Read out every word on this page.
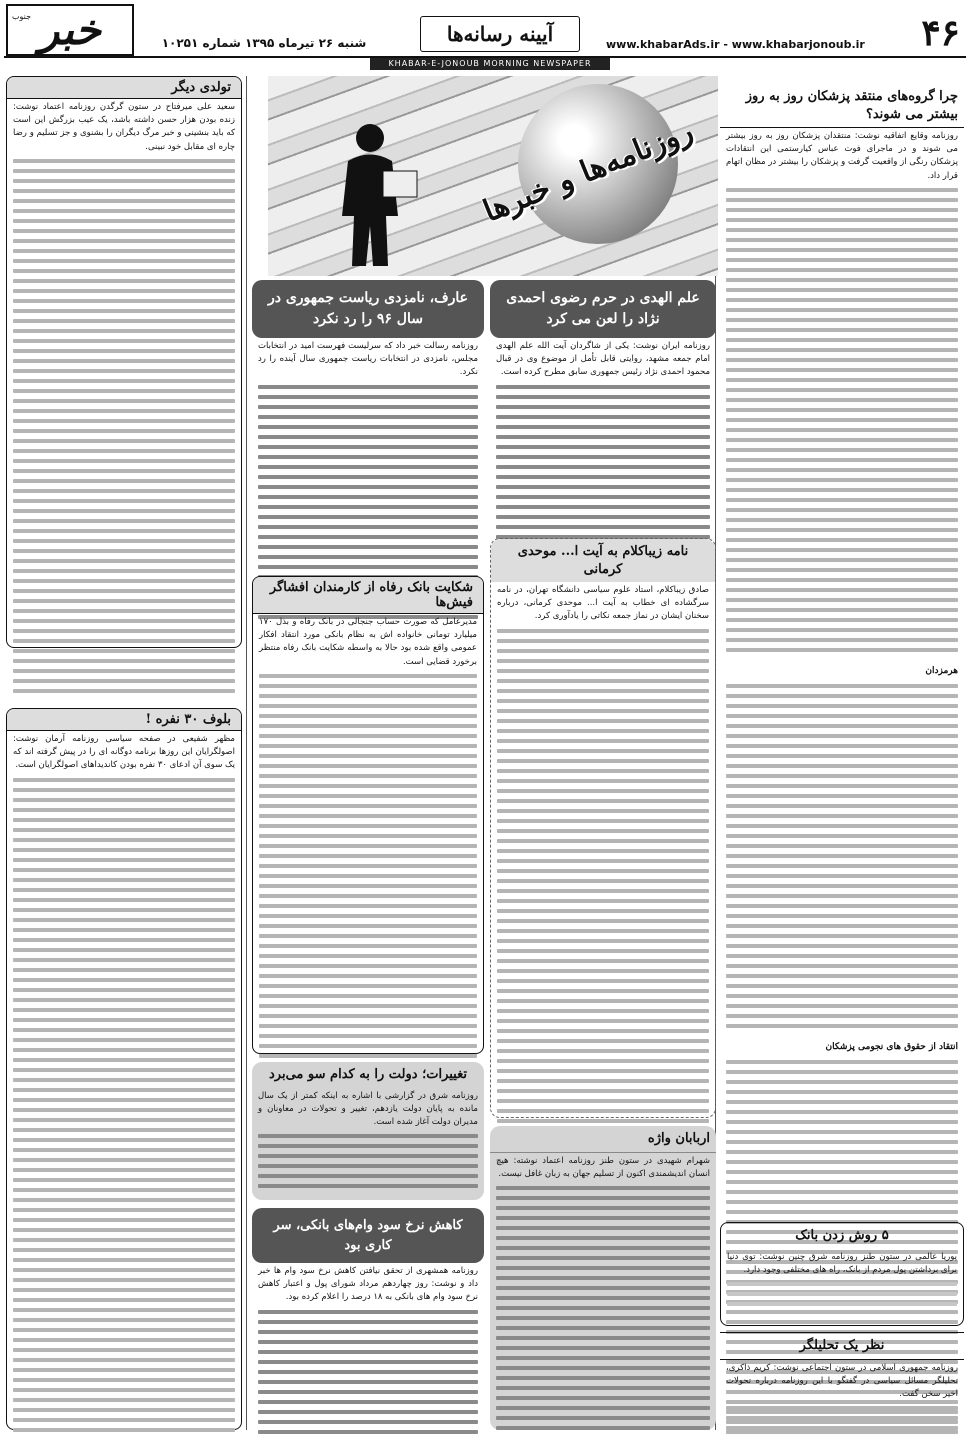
خبر
جنوب
شنبه ۲۶ تیرماه ۱۳۹۵ شماره ۱۰۲۵۱	آیینه رسانه‌ها	www.khabarAds.ir - www.khabarjonoub.ir	۴۶
KHABAR-E-JONOUB MORNING NEWSPAPER
چرا گروه‌های منتقد پزشکان روز به روز بیشتر می شوند؟
روزنامه وقایع اتفاقیه نوشت: منتقدان پزشکان روز به روز بیشتر می شوند و در ماجرای فوت عباس کیارستمی این انتقادات پزشکان رنگی از واقعیت گرفت و پزشکان را بیشتر در مظان اتهام قرار داد.
هرمزدان
انتقاد از حقوق های نجومی پزشکان
۵ روش زدن بانک
پوریا عالمی در ستون طنز روزنامه شرق چنین نوشت: توی دنیا برای برداشتن پول مردم از بانک، راه های مختلفی وجود دارد.
نظر یک تحلیلگر
روزنامه جمهوری اسلامی در ستون اجتماعی نوشت: کریم ذاکری، تحلیلگر مسائل سیاسی در گفتگو با این روزنامه درباره تحولات اخیر سخن گفت.
روزنامه‌ها و خبرها
علم الهدی در حرم رضوی احمدی نژاد را لعن می کرد
روزنامه ایران نوشت: یکی از شاگردان آیت الله علم الهدی امام جمعه مشهد، روایتی قابل تأمل از موضوع وی در قبال محمود احمدی نژاد رئیس جمهوری سابق مطرح کرده است.
نامه زیباکلام به آیت ا... موحدی کرمانی
صادق زیباکلام، استاد علوم سیاسی دانشگاه تهران، در نامه سرگشاده ای خطاب به آیت ا... موحدی کرمانی، درباره سخنان ایشان در نماز جمعه نکاتی را یادآوری کرد.
اربابان واژه
شهرام شهیدی در ستون طنز روزنامه اعتماد نوشته: هیچ انسان اندیشمندی اکنون از تسلیم جهان به زبان غافل نیست.
عارف، نامزدی ریاست جمهوری در سال ۹۶ را رد نکرد
روزنامه رسالت خبر داد که سرلیست فهرست امید در انتخابات مجلس، نامزدی در انتخابات ریاست جمهوری سال آینده را رد نکرد.
شکایت بانک رفاه از کارمندان افشاگر فیش‌ها
مدیرعامل که صورت حساب جنجالی در بانک رفاه و بذل ۱۷۰ میلیارد تومانی خانواده اش به نظام بانکی مورد انتقاد افکار عمومی واقع شده بود حالا به واسطه شکایت بانک رفاه منتظر برخورد قضایی است.
تغییرات؛ دولت را به کدام سو می‌برد
روزنامه شرق در گزارشی با اشاره به اینکه کمتر از یک سال مانده به پایان دولت یازدهم، تغییر و تحولات در معاونان و مدیران دولت آغاز شده است.
کاهش نرخ سود وام‌های بانکی، سر کاری بود
روزنامه همشهری از تحقق نیافتن کاهش نرخ سود وام ها خبر داد و نوشت: روز چهاردهم مرداد شورای پول و اعتبار کاهش نرخ سود وام های بانکی به ۱۸ درصد را اعلام کرده بود.
تولدی دیگر
سعید علی میرفتاح در ستون گرگدن روزنامه اعتماد نوشت: زنده بودن هزار حسن داشته باشد، یک عیب بزرگش این است که باید بنشینی و خبر مرگ دیگران را بشنوی و جز تسلیم و رضا چاره ای مقابل خود نبینی.
بلوف ۳۰ نفره !
مظهر شفیعی در صفحه سیاسی روزنامه آرمان نوشت: اصولگرایان این روزها برنامه دوگانه ای را در پیش گرفته اند که یک سوی آن ادعای ۳۰ نفره بودن کاندیداهای اصولگرایان است.
